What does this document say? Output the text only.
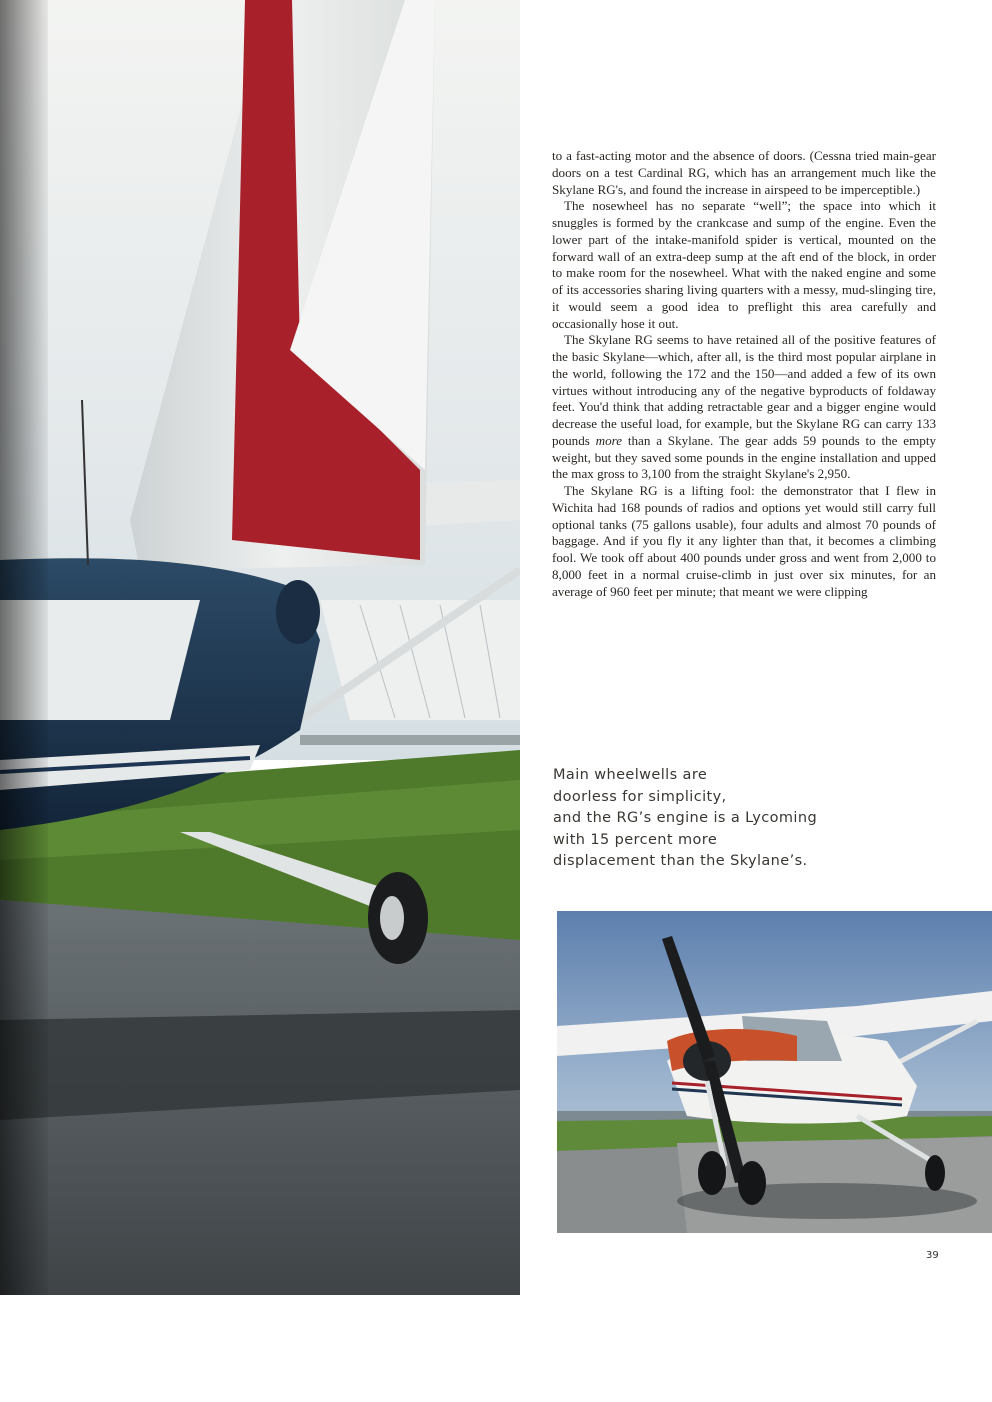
to a fast-acting motor and the absence of doors. (Cessna tried main-gear doors on a test Cardinal RG, which has an arrangement much like the Skylane RG's, and found the increase in airspeed to be imperceptible.)

The nosewheel has no separate “well”; the space into which it snuggles is formed by the crankcase and sump of the engine. Even the lower part of the intake-manifold spider is vertical, mounted on the forward wall of an extra-deep sump at the aft end of the block, in order to make room for the nosewheel. What with the naked engine and some of its accessories sharing living quarters with a messy, mud-slinging tire, it would seem a good idea to preflight this area carefully and occasionally hose it out.

The Skylane RG seems to have retained all of the positive features of the basic Skylane—which, after all, is the third most popular airplane in the world, following the 172 and the 150—and added a few of its own virtues without introducing any of the negative byproducts of foldaway feet. You'd think that adding retractable gear and a bigger engine would decrease the useful load, for example, but the Skylane RG can carry 133 pounds more than a Skylane. The gear adds 59 pounds to the empty weight, but they saved some pounds in the engine installation and upped the max gross to 3,100 from the straight Skylane's 2,950.

The Skylane RG is a lifting fool: the demonstrator that I flew in Wichita had 168 pounds of radios and options yet would still carry full optional tanks (75 gallons usable), four adults and almost 70 pounds of baggage. And if you fly it any lighter than that, it becomes a climbing fool. We took off about 400 pounds under gross and went from 2,000 to 8,000 feet in a normal cruise-climb in just over six minutes, for an average of 960 feet per minute; that meant we were clipping

Main wheelwells are
doorless for simplicity,
and the RG’s engine is a Lycoming
with 15 percent more
displacement than the Skylane’s.
39
